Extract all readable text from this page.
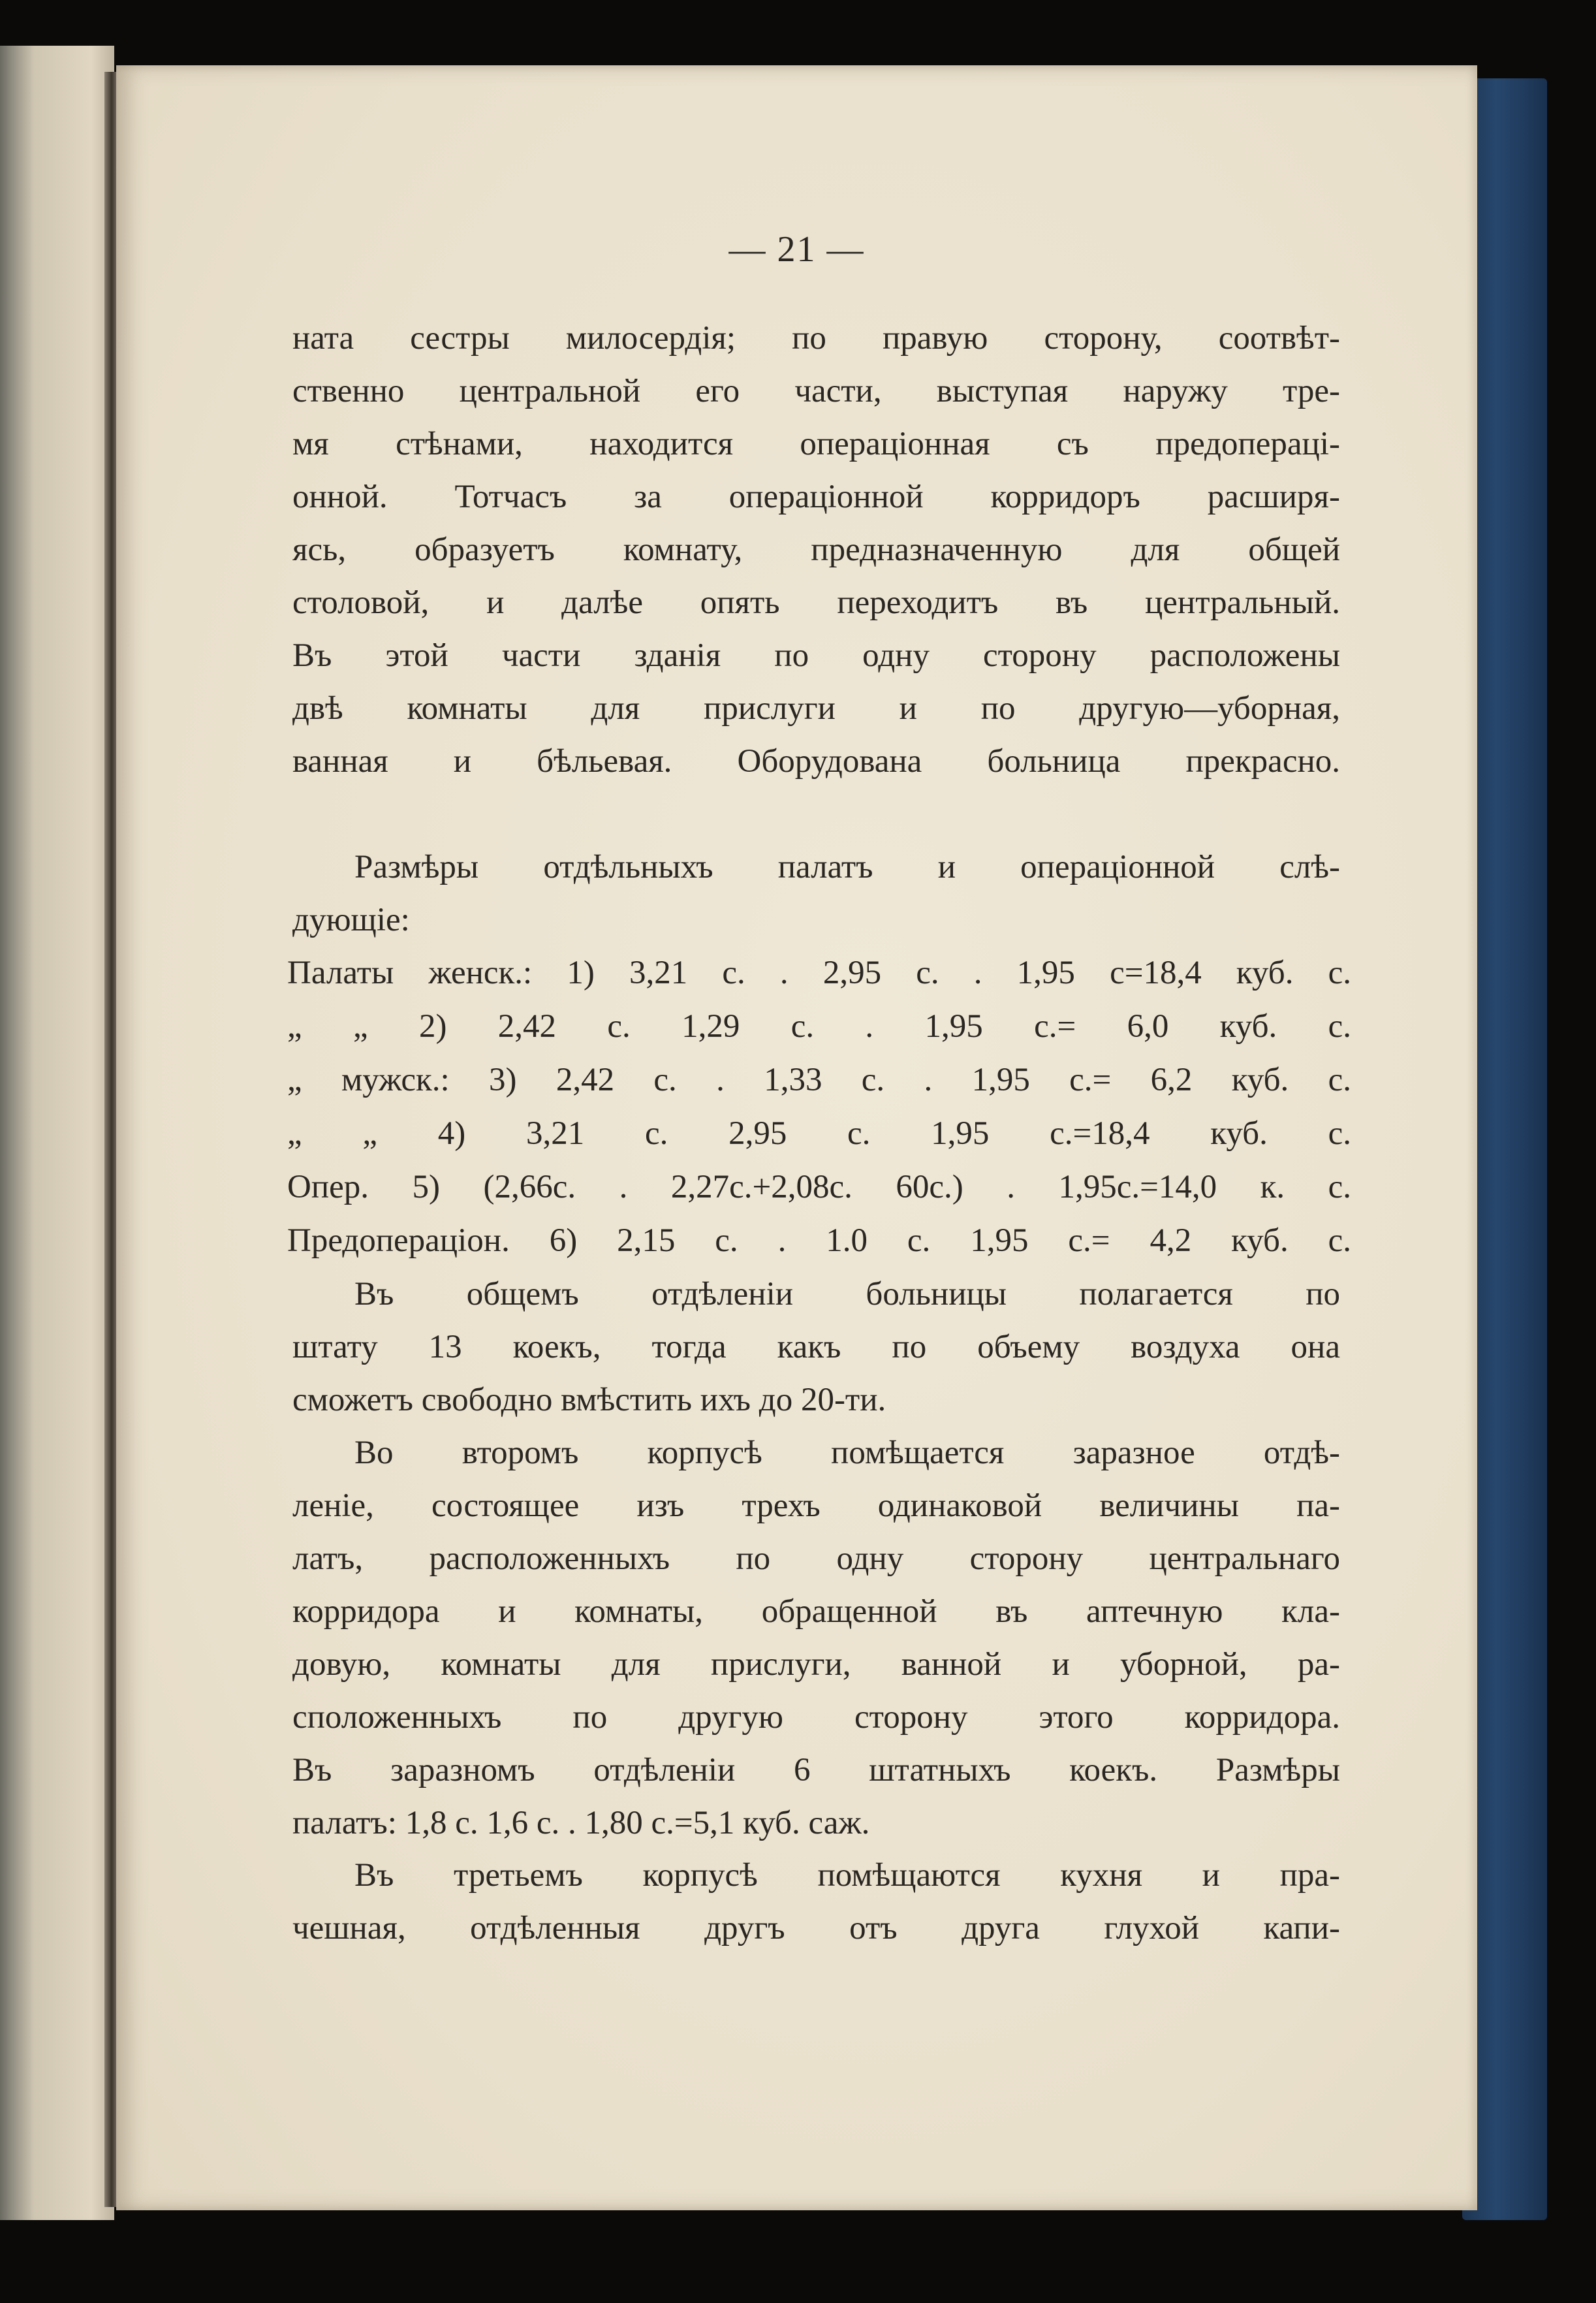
— 21 —
ната сестры милосердія; по правую сторону, соотвѣт-
ственно центральной его части, выступая наружу тре-
мя стѣнами, находится операціонная съ предопераці-
онной. Тотчасъ за операціонной корридоръ расширя-
ясь, образуетъ комнату, предназначенную для общей
столовой, и далѣе опять переходитъ въ центральный.
Въ этой части зданія по одну сторону расположены
двѣ комнаты для прислуги и по другую—уборная,
ванная и бѣльевая. Оборудована больница прекрасно.
Размѣры отдѣльныхъ палатъ и операціонной слѣ-
дующіе:
Палаты женск.: 1) 3,21 с. . 2,95 с. . 1,95 с=18,4 куб. с.
„ „ 2) 2,42 с. 1,29 с. . 1,95 с.= 6,0 куб. с.
„ мужск.: 3) 2,42 с. . 1,33 с. . 1,95 с.= 6,2 куб. с.
„ „ 4) 3,21 с. 2,95 с. 1,95 с.=18,4 куб. с.
Опер. 5) (2,66с. . 2,27с.+2,08с. 60с.) . 1,95с.=14,0 к. с.
Предопераціон. 6) 2,15 с. . 1.0 с. 1,95 с.= 4,2 куб. с.
Въ общемъ отдѣленіи больницы полагается по
штату 13 коекъ, тогда какъ по объему воздуха она
сможетъ свободно вмѣстить ихъ до 20-ти.
Во второмъ корпусѣ помѣщается заразное отдѣ-
леніе, состоящее изъ трехъ одинаковой величины па-
латъ, расположенныхъ по одну сторону центральнаго
корридора и комнаты, обращенной въ аптечную кла-
довую, комнаты для прислуги, ванной и уборной, ра-
сположенныхъ по другую сторону этого корридора.
Въ заразномъ отдѣленіи 6 штатныхъ коекъ. Размѣры
палатъ: 1,8 с. 1,6 с. . 1,80 с.=5,1 куб. саж.
Въ третьемъ корпусѣ помѣщаются кухня и пра-
чешная, отдѣленныя другъ отъ друга глухой капи-
